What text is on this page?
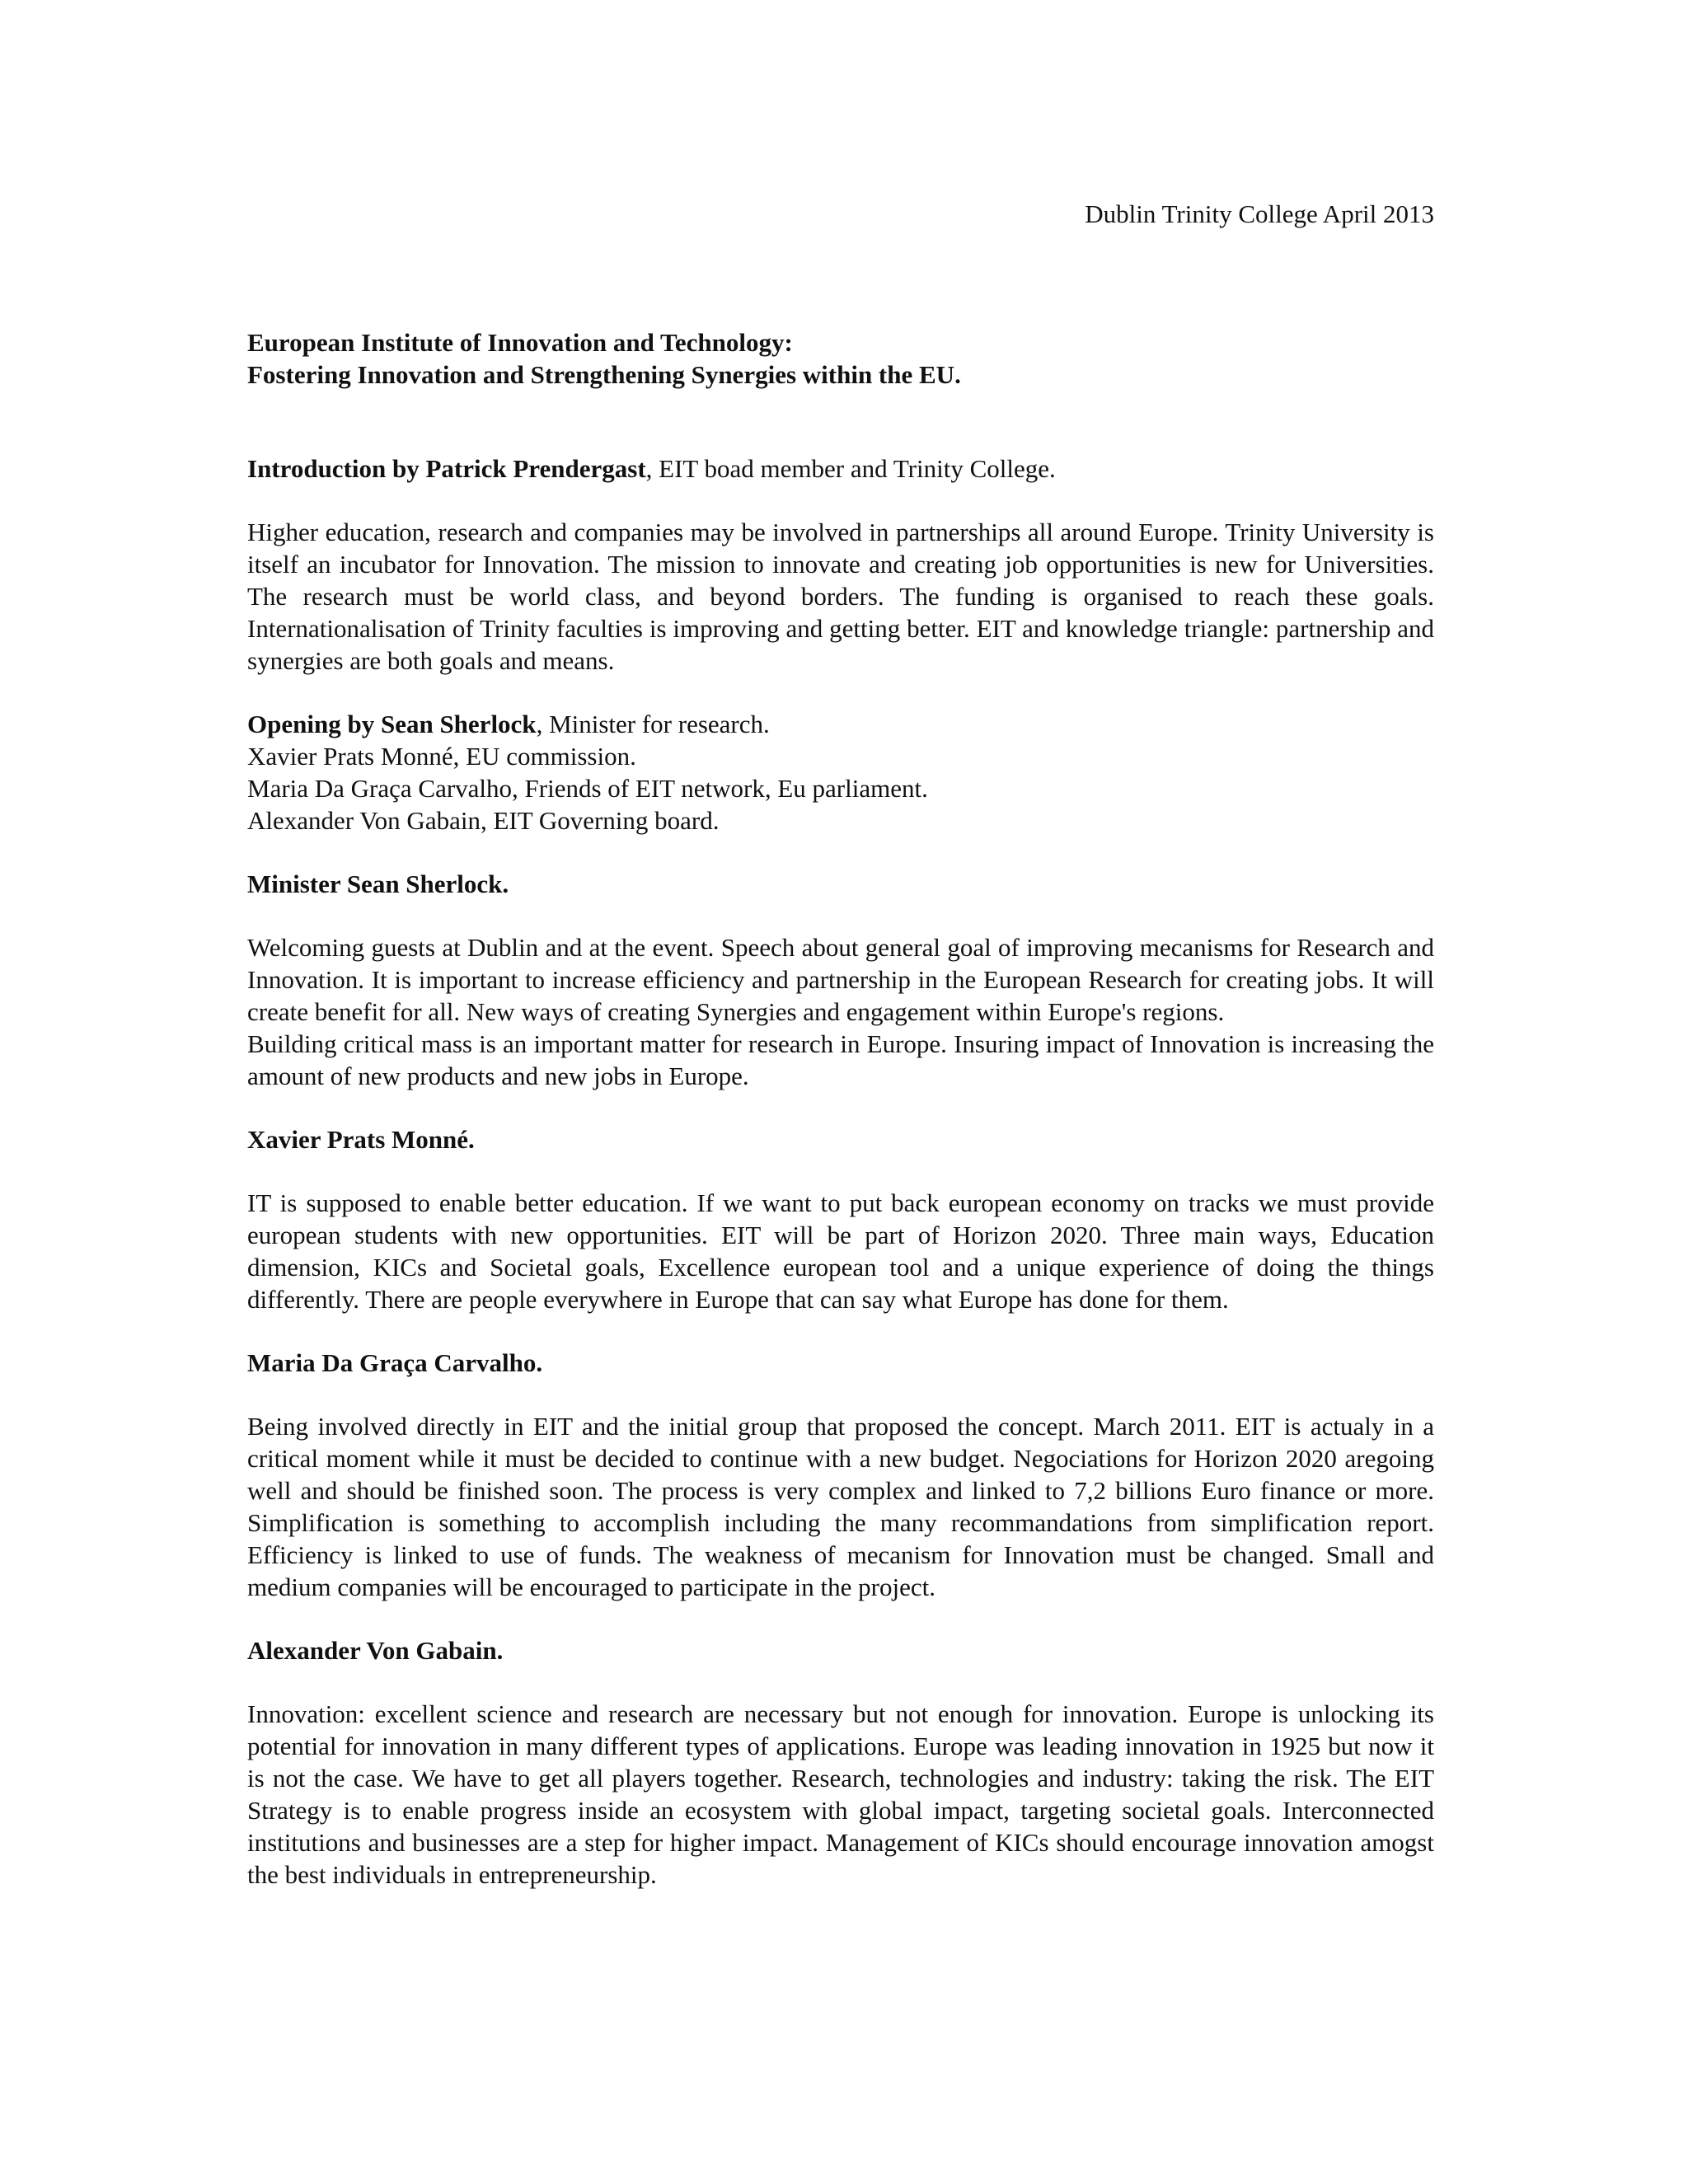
Dublin Trinity College April 2013
European Institute of Innovation and Technology:
Fostering Innovation and Strengthening Synergies within the EU.

Introduction by Patrick Prendergast, EIT boad member and Trinity College.

Higher education, research and companies may be involved in partnerships all around Europe. Trinity University is itself an incubator for Innovation. The mission to innovate and creating job opportunities is new for Universities. The research must be world class, and beyond borders. The funding is organised to reach these goals. Internationalisation of Trinity faculties is improving and getting better. EIT and knowledge triangle: partnership and synergies are both goals and means.

Opening by Sean Sherlock, Minister for research.

Xavier Prats Monné, EU commission.

Maria Da Graça Carvalho, Friends of EIT network, Eu parliament.

Alexander Von Gabain, EIT Governing board.

Minister Sean Sherlock.

Welcoming guests at Dublin and at the event. Speech about general goal of improving mecanisms for Research and Innovation. It is important to increase efficiency and partnership in the European Research for creating jobs. It will create benefit for all. New ways of creating Synergies and engagement within Europe's regions.

Building critical mass is an important matter for research in Europe. Insuring impact of Innovation is increasing the amount of new products and new jobs in Europe.

Xavier Prats Monné.

IT is supposed to enable better education. If we want to put back european economy on tracks we must provide european students with new opportunities. EIT will be part of Horizon 2020. Three main ways, Education dimension, KICs and Societal goals, Excellence european tool and a unique experience of doing the things differently. There are people everywhere in Europe that can say what Europe has done for them.

Maria Da Graça Carvalho.

Being involved directly in EIT and the initial group that proposed the concept. March 2011. EIT is actualy in a critical moment while it must be decided to continue with a new budget. Negociations for Horizon 2020 aregoing well and should be finished soon. The process is very complex and linked to 7,2 billions Euro finance or more. Simplification is something to accomplish including the many recommandations from simplification report. Efficiency is linked to use of funds. The weakness of mecanism for Innovation must be changed. Small and medium companies will be encouraged to participate in the project.

Alexander Von Gabain.

Innovation: excellent science and research are necessary but not enough for innovation. Europe is unlocking its potential for innovation in many different types of applications. Europe was leading innovation in 1925 but now it is not the case. We have to get all players together. Research, technologies and industry: taking the risk. The EIT Strategy is to enable progress inside an ecosystem with global impact, targeting societal goals. Interconnected institutions and businesses are a step for higher impact. Management of KICs should encourage innovation amogst the best individuals in entrepreneurship.
